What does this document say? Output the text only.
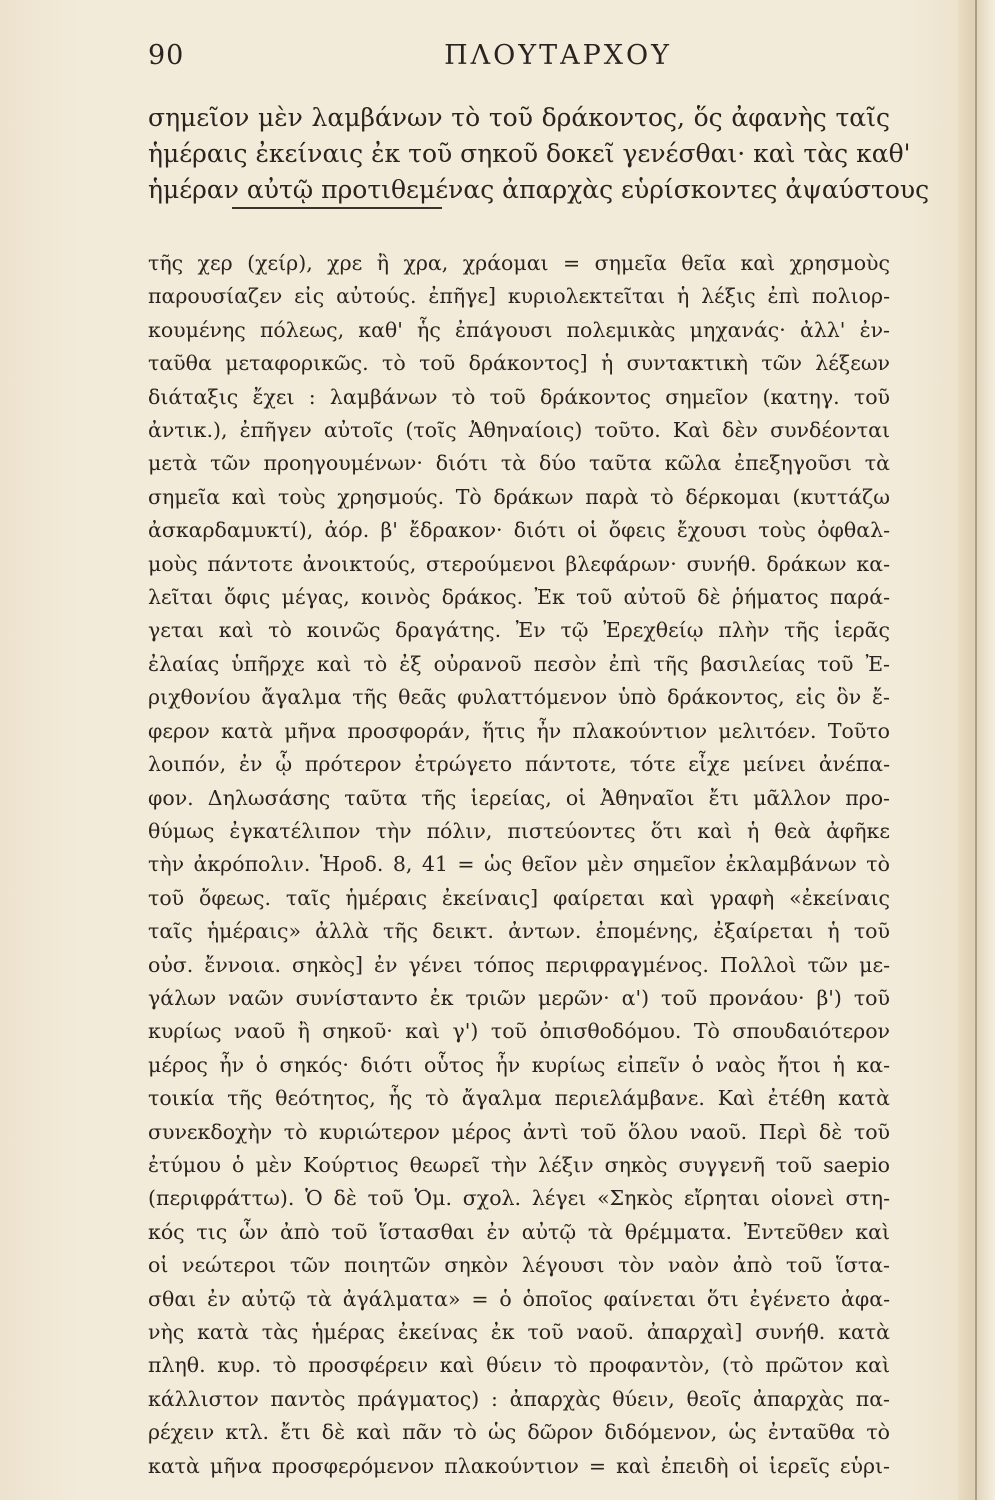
90	ΠΛΟΥΤΑΡΧΟΥ
σημεῖον μὲν λαμβάνων τὸ τοῦ δράκοντος, ὅς ἀφανὴς ταῖς
ἡμέραις ἐκείναις ἐκ τοῦ σηκοῦ δοκεῖ γενέσθαι· καὶ τὰς καθ'
ἡμέραν αὐτῷ προτιθεμένας ἀπαρχὰς εὑρίσκοντες ἀψαύστους
τῆς χερ (χείρ), χρε ἢ χρα, χράομαι = σημεῖα θεῖα καὶ χρησμοὺς
παρουσίαζεν εἰς αὐτούς. ἐπῆγε] κυριολεκτεῖται ἡ λέξις ἐπὶ πολιορ-
κουμένης πόλεως, καθ' ἧς ἐπάγουσι πολεμικὰς μηχανάς· ἀλλ' ἐν-
ταῦθα μεταφορικῶς. τὸ τοῦ δράκοντος] ἡ συντακτικὴ τῶν λέξεων
διάταξις ἔχει : λαμβάνων τὸ τοῦ δράκοντος σημεῖον (κατηγ. τοῦ
ἀντικ.), ἐπῆγεν αὐτοῖς (τοῖς Ἀθηναίοις) τοῦτο. Καὶ δὲν συνδέονται
μετὰ τῶν προηγουμένων· διότι τὰ δύο ταῦτα κῶλα ἐπεξηγοῦσι τὰ
σημεῖα καὶ τοὺς χρησμούς. Τὸ δράκων παρὰ τὸ δέρκομαι (κυττάζω
ἀσκαρδαμυκτί), ἀόρ. β' ἔδρακον· διότι οἱ ὄφεις ἔχουσι τοὺς ὀφθαλ-
μοὺς πάντοτε ἀνοικτούς, στερούμενοι βλεφάρων· συνήθ. δράκων κα-
λεῖται ὄφις μέγας, κοινὸς δράκος. Ἐκ τοῦ αὐτοῦ δὲ ῥήματος παρά-
γεται καὶ τὸ κοινῶς δραγάτης. Ἐν τῷ Ἐρεχθείῳ πλὴν τῆς ἱερᾶς
ἐλαίας ὑπῆρχε καὶ τὸ ἐξ οὐρανοῦ πεσὸν ἐπὶ τῆς βασιλείας τοῦ Ἐ-
ριχθονίου ἄγαλμα τῆς θεᾶς φυλαττόμενον ὑπὸ δράκοντος, εἰς ὃν ἔ-
φερον κατὰ μῆνα προσφοράν, ἥτις ἦν πλακούντιον μελιτόεν. Τοῦτο
λοιπόν, ἐν ᾧ πρότερον ἐτρώγετο πάντοτε, τότε εἶχε μείνει ἀνέπα-
φον. Δηλωσάσης ταῦτα τῆς ἱερείας, οἱ Ἀθηναῖοι ἔτι μᾶλλον προ-
θύμως ἐγκατέλιπον τὴν πόλιν, πιστεύοντες ὅτι καὶ ἡ θεὰ ἀφῆκε
τὴν ἀκρόπολιν. Ἡροδ. 8, 41 = ὡς θεῖον μὲν σημεῖον ἐκλαμβάνων τὸ
τοῦ ὄφεως. ταῖς ἡμέραις ἐκείναις] φαίρεται καὶ γραφὴ «ἐκείναις
ταῖς ἡμέραις» ἀλλὰ τῆς δεικτ. ἀντων. ἐπομένης, ἐξαίρεται ἡ τοῦ
οὐσ. ἔννοια. σηκὸς] ἐν γένει τόπος περιφραγμένος. Πολλοὶ τῶν με-
γάλων ναῶν συνίσταντο ἐκ τριῶν μερῶν· α') τοῦ προνάου· β') τοῦ
κυρίως ναοῦ ἢ σηκοῦ· καὶ γ') τοῦ ὀπισθοδόμου. Τὸ σπουδαιότερον
μέρος ἦν ὁ σηκός· διότι οὗτος ἦν κυρίως εἰπεῖν ὁ ναὸς ἤτοι ἡ κα-
τοικία τῆς θεότητος, ἧς τὸ ἄγαλμα περιελάμβανε. Καὶ ἐτέθη κατὰ
συνεκδοχὴν τὸ κυριώτερον μέρος ἀντὶ τοῦ ὅλου ναοῦ. Περὶ δὲ τοῦ
ἐτύμου ὁ μὲν Κούρτιος θεωρεῖ τὴν λέξιν σηκὸς συγγενῆ τοῦ saepio
(περιφράττω). Ὁ δὲ τοῦ Ὁμ. σχολ. λέγει «Σηκὸς εἴρηται οἱονεὶ στη-
κός τις ὧν ἀπὸ τοῦ ἵστασθαι ἐν αὐτῷ τὰ θρέμματα. Ἐντεῦθεν καὶ
οἱ νεώτεροι τῶν ποιητῶν σηκὸν λέγουσι τὸν ναὸν ἀπὸ τοῦ ἵστα-
σθαι ἐν αὐτῷ τὰ ἀγάλματα» = ὁ ὁποῖος φαίνεται ὅτι ἐγένετο ἀφα-
νὴς κατὰ τὰς ἡμέρας ἐκείνας ἐκ τοῦ ναοῦ. ἀπαρχαὶ] συνήθ. κατὰ
πληθ. κυρ. τὸ προσφέρειν καὶ θύειν τὸ προφαντὸν, (τὸ πρῶτον καὶ
κάλλιστον παντὸς πράγματος) : ἀπαρχὰς θύειν, θεοῖς ἀπαρχὰς πα-
ρέχειν κτλ. ἔτι δὲ καὶ πᾶν τὸ ὡς δῶρον διδόμενον, ὡς ἐνταῦθα τὸ
κατὰ μῆνα προσφερόμενον πλακούντιον = καὶ ἐπειδὴ οἱ ἱερεῖς εὑρι-
